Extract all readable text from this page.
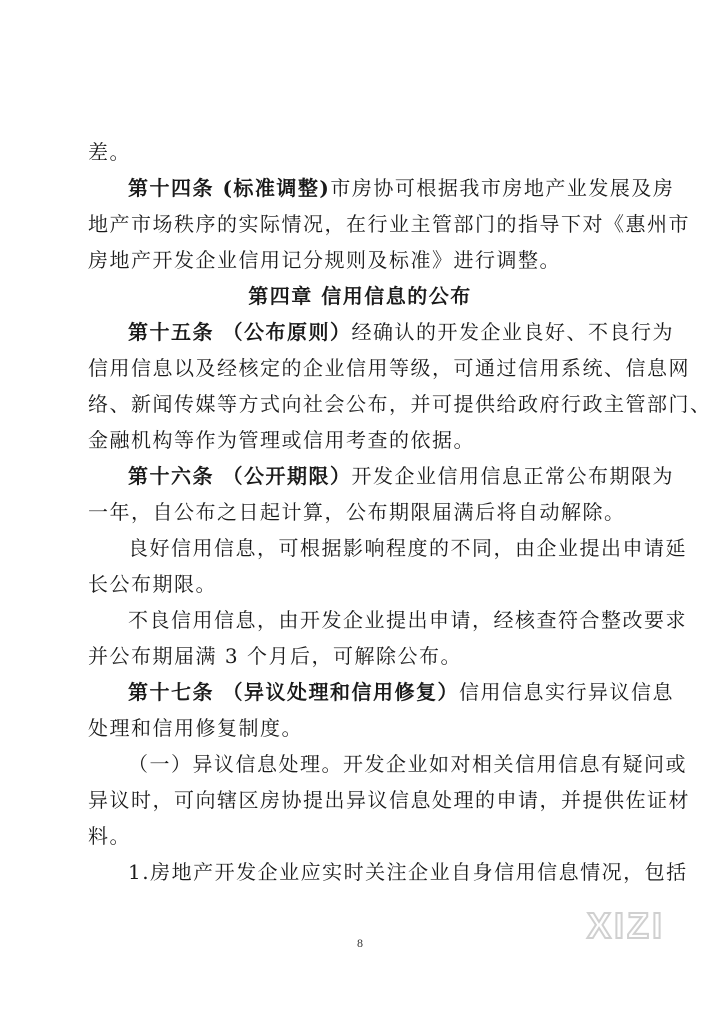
差。
第十四条 (标准调整)市房协可根据我市房地产业发展及房
地产市场秩序的实际情况，在行业主管部门的指导下对《惠州市
房地产开发企业信用记分规则及标准》进行调整。
第四章 信用信息的公布
第十五条 （公布原则）经确认的开发企业良好、不良行为
信用信息以及经核定的企业信用等级，可通过信用系统、信息网
络、新闻传媒等方式向社会公布，并可提供给政府行政主管部门、
金融机构等作为管理或信用考查的依据。
第十六条 （公开期限）开发企业信用信息正常公布期限为
一年，自公布之日起计算，公布期限届满后将自动解除。
良好信用信息，可根据影响程度的不同，由企业提出申请延
长公布期限。
不良信用信息，由开发企业提出申请，经核查符合整改要求
并公布期届满 3 个月后，可解除公布。
第十七条 （异议处理和信用修复）信用信息实行异议信息
处理和信用修复制度。
（一）异议信息处理。开发企业如对相关信用信息有疑问或
异议时，可向辖区房协提出异议信息处理的申请，并提供佐证材
料。
1.房地产开发企业应实时关注企业自身信用信息情况，包括
8	XIZI
